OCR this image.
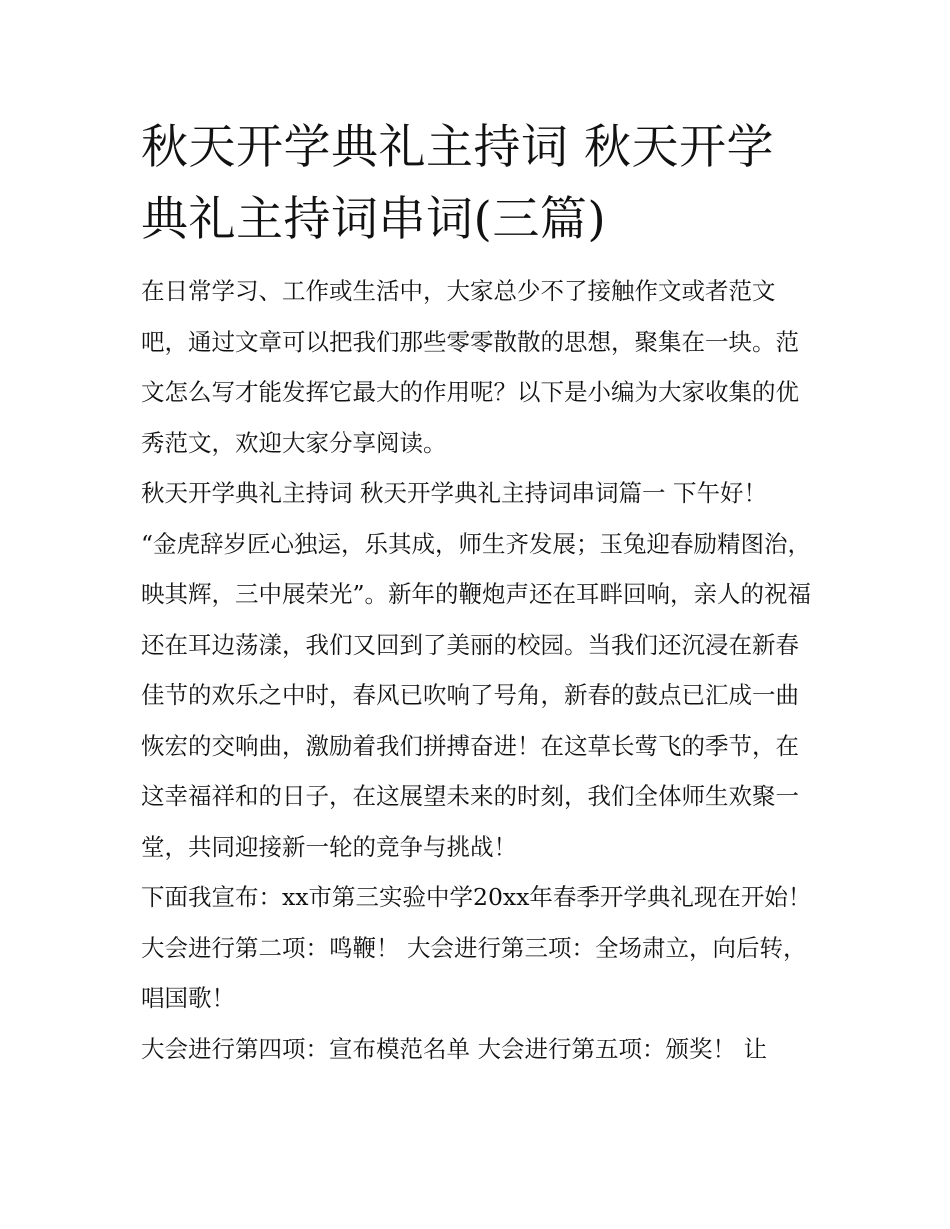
秋天开学典礼主持词 秋天开学典礼主持词串词(三篇)

在日常学习、工作或生活中，大家总少不了接触作文或者范文吧，通过文章可以把我们那些零零散散的思想，聚集在一块。范文怎么写才能发挥它最大的作用呢？以下是小编为大家收集的优秀范文，欢迎大家分享阅读。

秋天开学典礼主持词 秋天开学典礼主持词串词篇一 下午好！

“金虎辞岁匠心独运，乐其成，师生齐发展；玉兔迎春励精图治，映其辉，三中展荣光”。新年的鞭炮声还在耳畔回响，亲人的祝福还在耳边荡漾，我们又回到了美丽的校园。当我们还沉浸在新春佳节的欢乐之中时，春风已吹响了号角，新春的鼓点已汇成一曲恢宏的交响曲，激励着我们拼搏奋进！在这草长莺飞的季节，在这幸福祥和的日子，在这展望未来的时刻，我们全体师生欢聚一堂，共同迎接新一轮的竞争与挑战！

下面我宣布：xx市第三实验中学20xx年春季开学典礼现在开始！ 大会进行第二项：鸣鞭！ 大会进行第三项：全场肃立，向后转，唱国歌！

大会进行第四项：宣布模范名单 大会进行第五项：颁奖！ 让
